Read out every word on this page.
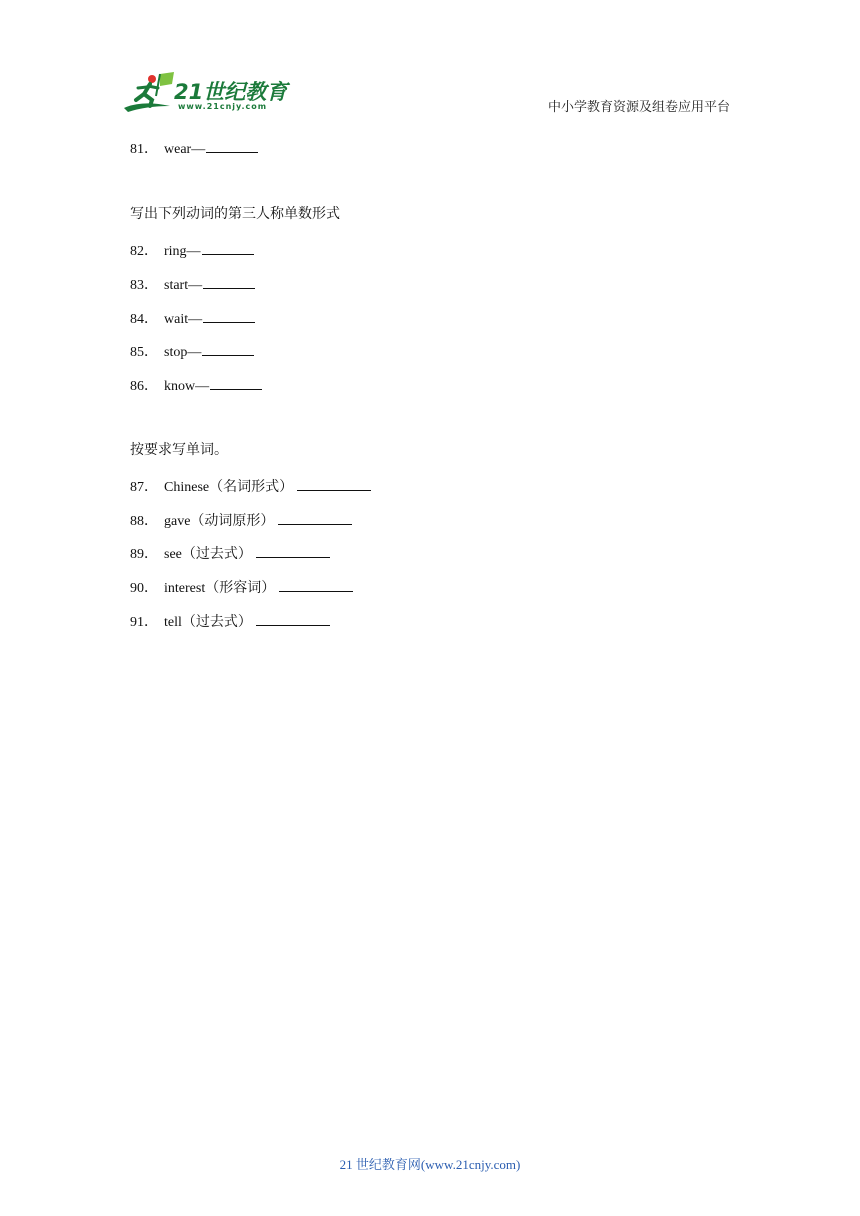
21世纪教育
www.21cnjy.com	中小学教育资源及组卷应用平台
81． wear—
写出下列动词的第三人称单数形式
82． ring—
83． start—
84． wait—
85． stop—
86． know—
按要求写单词。
87． Chinese（名词形式）
88． gave（动词原形）
89． see（过去式）
90． interest（形容词）
91． tell（过去式）
21 世纪教育网(www.21cnjy.com)
